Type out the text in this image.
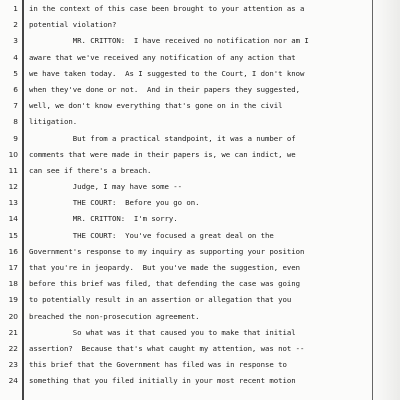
1 in the context of this case been brought to your attention as a
2 potential violation?
3 MR. CRITTON:  I have received no notification nor am I
4 aware that we've received any notification of any action that
5 we have taken today.  As I suggested to the Court, I don't know
6 when they've done or not.  And in their papers they suggested,
7 well, we don't know everything that's gone on in the civil
8 litigation.
9 But from a practical standpoint, it was a number of
10 comments that were made in their papers is, we can indict, we
11 can see if there's a breach.
12 Judge, I may have some --
13 THE COURT:  Before you go on.
14 MR. CRITTON:  I'm sorry.
15 THE COURT:  You've focused a great deal on the
16 Government's response to my inquiry as supporting your position
17 that you're in jeopardy.  But you've made the suggestion, even
18 before this brief was filed, that defending the case was going
19 to potentially result in an assertion or allegation that you
20 breached the non-prosecution agreement.
21 So what was it that caused you to make that initial
22 assertion?  Because that's what caught my attention, was not --
23 this brief that the Government has filed was in response to
24 something that you filed initially in your most recent motion
